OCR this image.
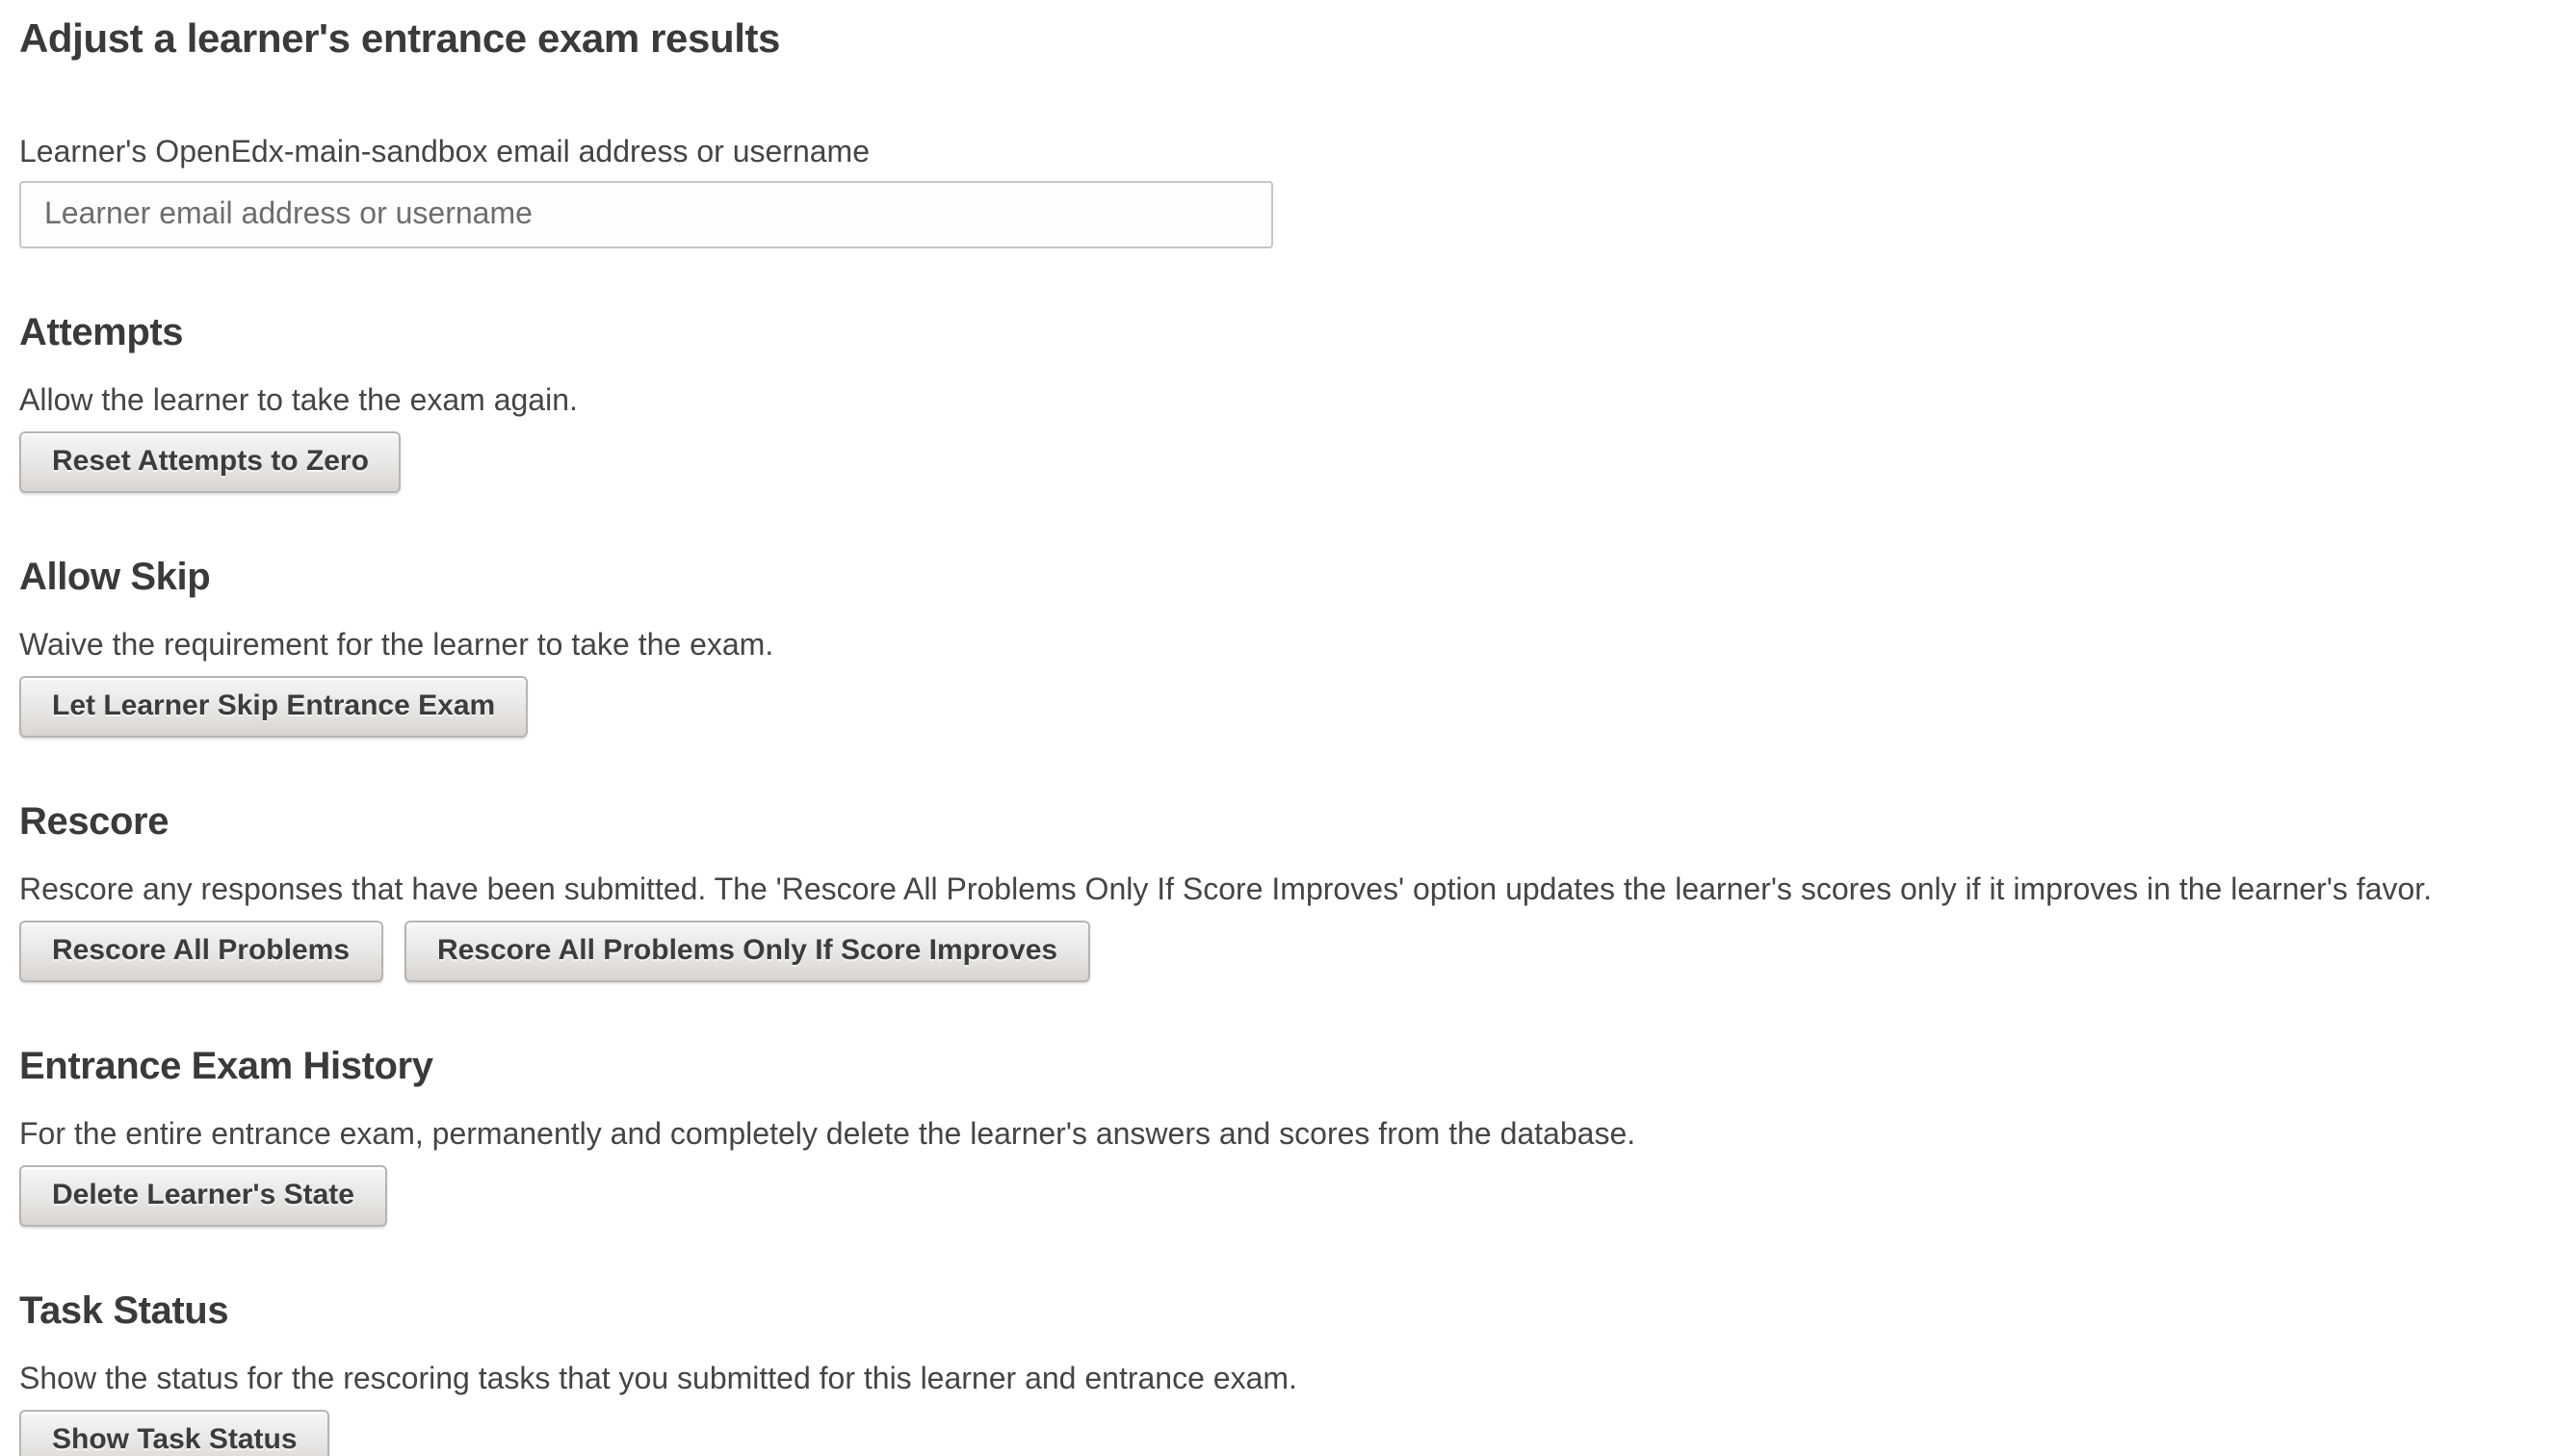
Adjust a learner's entrance exam results
Learner's OpenEdx-main-sandbox email address or username
Learner email address or username
Attempts

Allow the learner to take the exam again.

Reset Attempts to Zero
Allow Skip

Waive the requirement for the learner to take the exam.

Let Learner Skip Entrance Exam
Rescore

Rescore any responses that have been submitted. The 'Rescore All Problems Only If Score Improves' option updates the learner's scores only if it improves in the learner's favor.

Rescore All Problems	Rescore All Problems Only If Score Improves
Entrance Exam History

For the entire entrance exam, permanently and completely delete the learner's answers and scores from the database.

Delete Learner's State
Task Status

Show the status for the rescoring tasks that you submitted for this learner and entrance exam.

Show Task Status
